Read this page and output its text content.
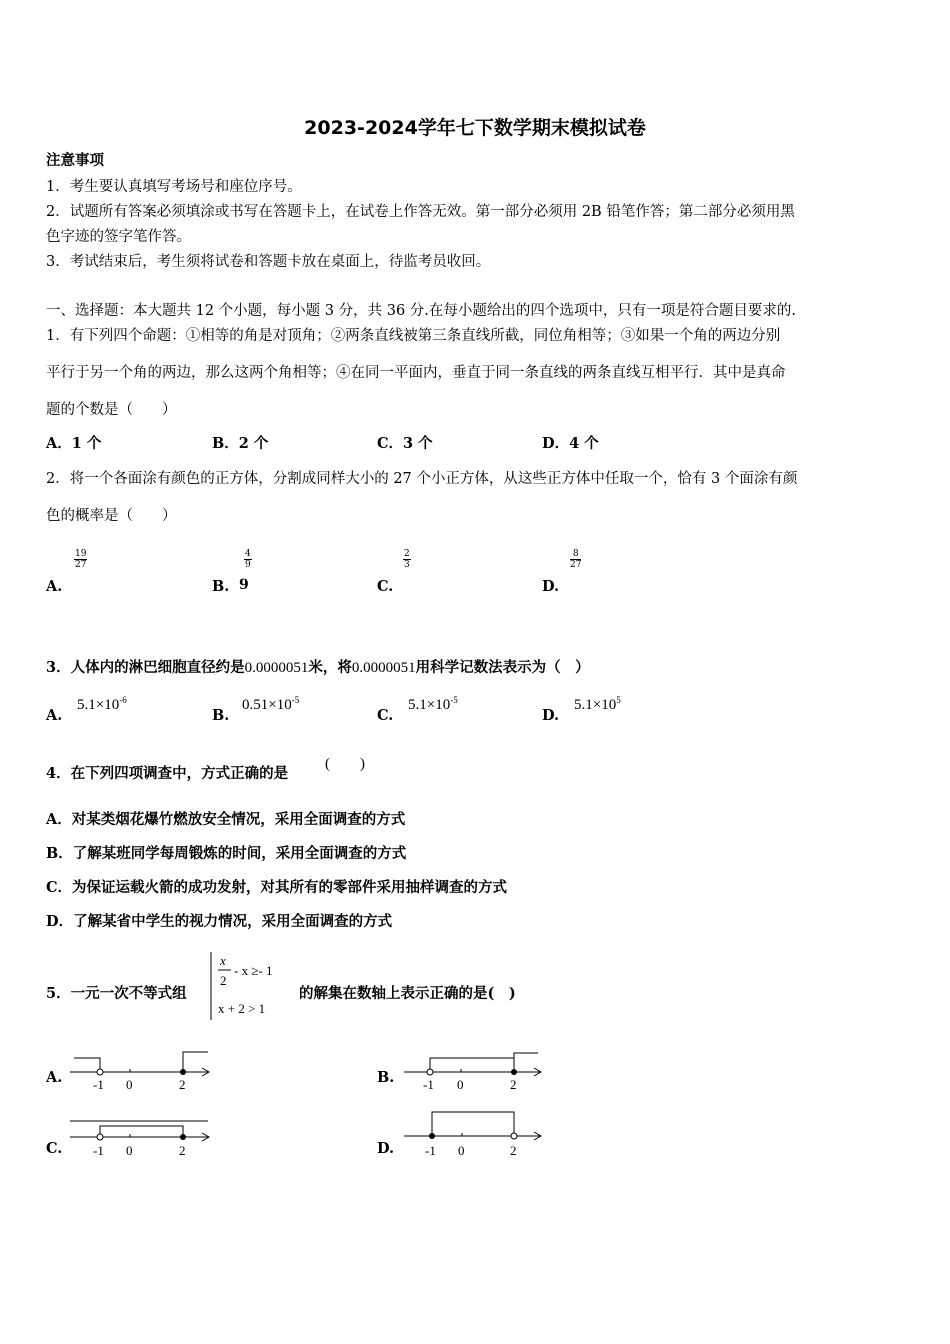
2023-2024学年七下数学期末模拟试卷
注意事项
1．考生要认真填写考场号和座位序号。
2．试题所有答案必须填涂或书写在答题卡上，在试卷上作答无效。第一部分必须用 2B 铅笔作答；第二部分必须用黑
色字迹的签字笔作答。
3．考试结束后，考生须将试卷和答题卡放在桌面上，待监考员收回。
一、选择题：本大题共 12 个小题，每小题 3 分，共 36 分.在每小题给出的四个选项中，只有一项是符合题目要求的.
1．有下列四个命题：①相等的角是对顶角；②两条直线被第三条直线所截，同位角相等；③如果一个角的两边分别
平行于另一个角的两边，那么这两个角相等；④在同一平面内，垂直于同一条直线的两条直线互相平行．其中是真命
题的个数是（　　）
A．1 个	B．2 个	C．3 个	D．4 个
2．将一个各面涂有颜色的正方体，分割成同样大小的 27 个小正方体，从这些正方体中任取一个，恰有 3 个面涂有颜
色的概率是（　　）
A.
$\frac{19}{27}$
B.
$\frac{4}{9}$
9	C.
$\frac{2}{3}$
D.
$\frac{8}{27}$
3．人体内的淋巴细胞直径约是0.0000051米，将0.0000051用科学记数法表示为（　）
A.
$5.1\times 10^{-6}$
B.
$0.51\times 10^{-5}$
C.
$5.1\times 10^{-5}$
D.
$5.1\times 10^5$
4．在下列四项调查中，方式正确的是
(　　)
A．对某类烟花爆竹燃放安全情况，采用全面调查的方式
B．了解某班同学每周锻炼的时间，采用全面调查的方式
C．为保证运载火箭的成功发射，对其所有的零部件采用抽样调查的方式
D．了解某省中学生的视力情况，采用全面调查的方式
5．一元一次不等式组
x
2
- x ≥- 1
x + 2 > 1
的解集在数轴上表示正确的是(　)
A.	B.
C.	D.
-1 0	2	-1 0	2
-1 0	2	-1 0	2
